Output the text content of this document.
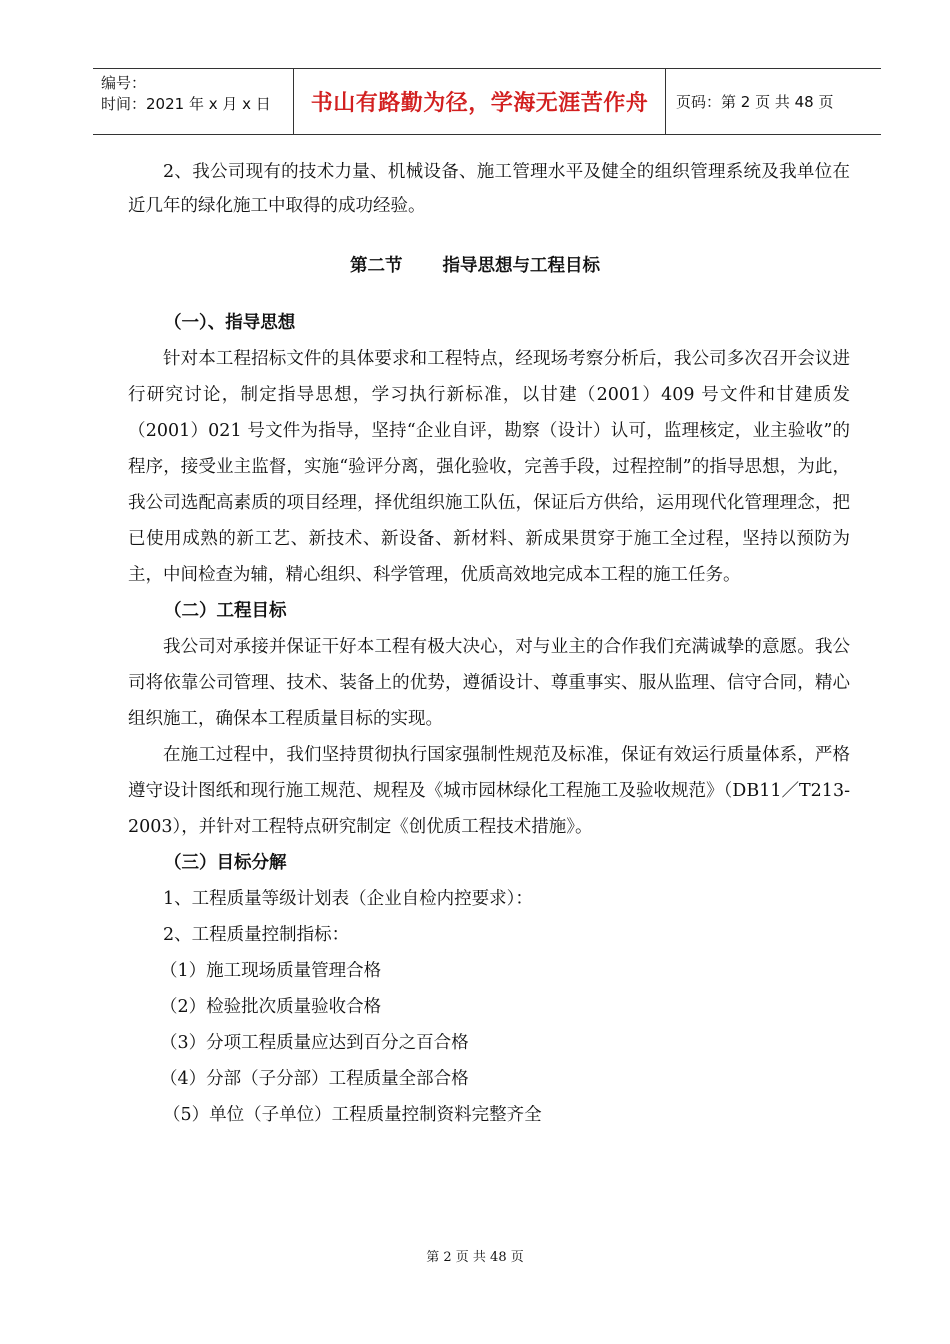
编号：
时间：2021 年 x 月 x 日	书山有路勤为径，学海无涯苦作舟 页码：第 2 页 共 48 页
第二节 指导思想与工程目标

2、我公司现有的技术力量、机械设备、施工管理水平及健全的组织管理系统及我单位在近几年的绿化施工中取得的成功经验。

（一）、指导思想

针对本工程招标文件的具体要求和工程特点，经现场考察分析后，我公司多次召开会议进行研究讨论，制定指导思想，学习执行新标准，以甘建（2001）409 号文件和甘建质发（2001）021 号文件为指导，坚持“企业自评，勘察（设计）认可，监理核定，业主验收”的程序，接受业主监督，实施“验评分离，强化验收，完善手段，过程控制”的指导思想，为此，我公司选配高素质的项目经理，择优组织施工队伍，保证后方供给，运用现代化管理理念，把已使用成熟的新工艺、新技术、新设备、新材料、新成果贯穿于施工全过程，坚持以预防为主，中间检查为辅，精心组织、科学管理，优质高效地完成本工程的施工任务。

（二）工程目标

我公司对承接并保证干好本工程有极大决心，对与业主的合作我们充满诚挚的意愿。我公司将依靠公司管理、技术、装备上的优势，遵循设计、尊重事实、服从监理、信守合同，精心组织施工，确保本工程质量目标的实现。

在施工过程中，我们坚持贯彻执行国家强制性规范及标准，保证有效运行质量体系，严格遵守设计图纸和现行施工规范、规程及《城市园林绿化工程施工及验收规范》（DB11／T213-2003），并针对工程特点研究制定《创优质工程技术措施》。

（三）目标分解

1、工程质量等级计划表（企业自检内控要求）：

2、工程质量控制指标：

（1）施工现场质量管理合格

（2）检验批次质量验收合格

（3）分项工程质量应达到百分之百合格

（4）分部（子分部）工程质量全部合格

（5）单位（子单位）工程质量控制资料完整齐全

第 2 页 共 48 页
